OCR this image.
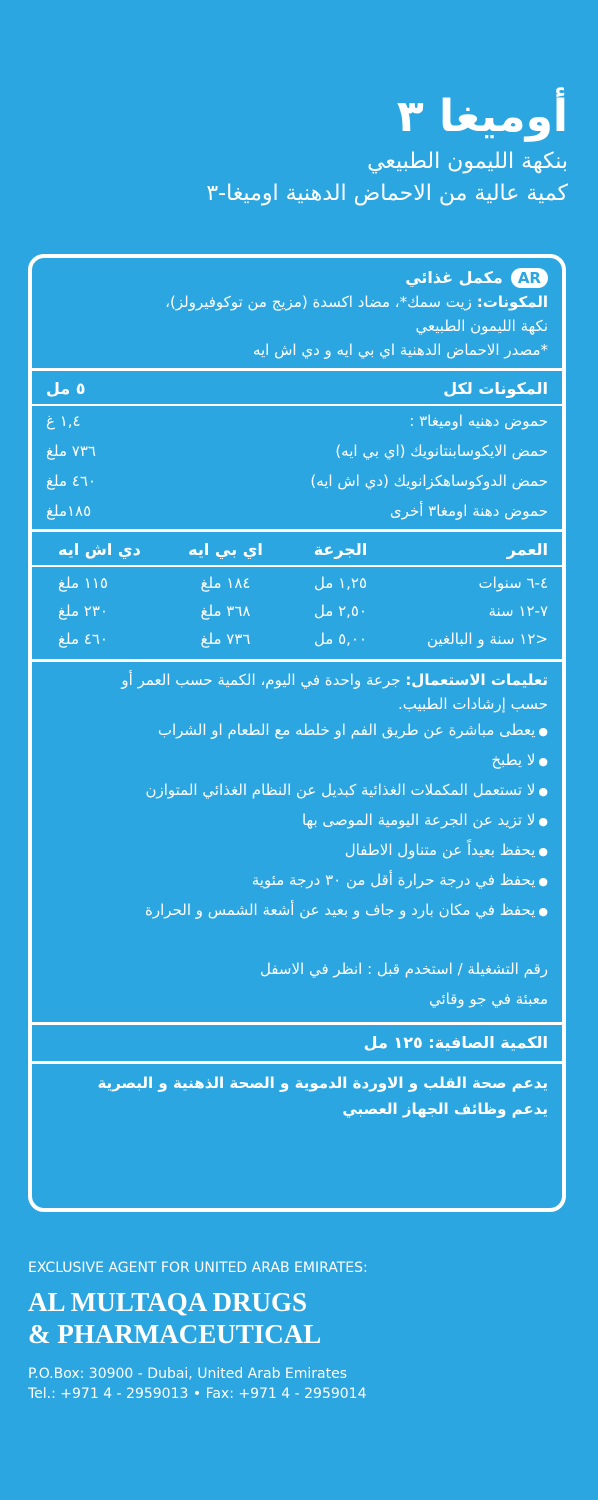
أوميغا ٣

بنكهة الليمون الطبيعي

كمية عالية من الاحماض الدهنية اوميغا-٣

AR
مكمل غذائي
المكونات: زيت سمك*، مضاد اكسدة (مزيج من توكوفيرولز)،
نكهة الليمون الطبيعي
*مصدر الاحماض الدهنية اي بي ايه و دي اش ايه
المكونات لكل
٥ مل
حموض دهنيه اوميغا٣ :
١,٤ غ
حمض الايكوسابنتانويك (اي بي ايه)
٧٣٦ ملغ
حمض الدوكوساهكزانويك (دي اش ايه)
٤٦٠ ملغ
حموض دهنة اومغا٣ أخرى
١٨٥ملغ
العمر
الجرعة
اي بي ايه
دي اش ايه
٤-٦ سنوات
١,٢٥ مل
١٨٤ ملغ
١١٥ ملغ
٧-١٢ سنة
٢,٥٠ مل
٣٦٨ ملغ
٢٣٠ ملغ
<١٢ سنة و البالغين
٥,٠٠ مل
٧٣٦ ملغ
٤٦٠ ملغ
تعليمات الاستعمال: جرعة واحدة في اليوم، الكمية حسب العمر أو
حسب إرشادات الطبيب.
● يعطى مباشرة عن طريق الفم او خلطه مع الطعام او الشراب
● لا يطبخ
● لا تستعمل المكملات الغذائية كبديل عن النظام الغذائي المتوازن
● لا تزيد عن الجرعة اليومية الموصى بها
● يحفظ بعيداً عن متناول الاطفال
● يحفظ في درجة حرارة أقل من ٣٠ درجة مئوية
● يحفظ في مكان بارد و جاف و بعيد عن أشعة الشمس و الحرارة
رقم التشغيلة / استخدم قبل : انظر في الاسفل
معبئة في جو وقائي
الكمية الصافية: ١٢٥ مل
يدعم صحة القلب و الاوردة الدموية و الصحة الذهنية و البصرية
يدعم وظائف الجهاز العصبي

EXCLUSIVE AGENT FOR UNITED ARAB EMIRATES:

AL MULTAQA DRUGS

& PHARMACEUTICAL

P.O.Box: 30900 - Dubai, United Arab Emirates

Tel.: +971 4 - 2959013 • Fax: +971 4 - 2959014
